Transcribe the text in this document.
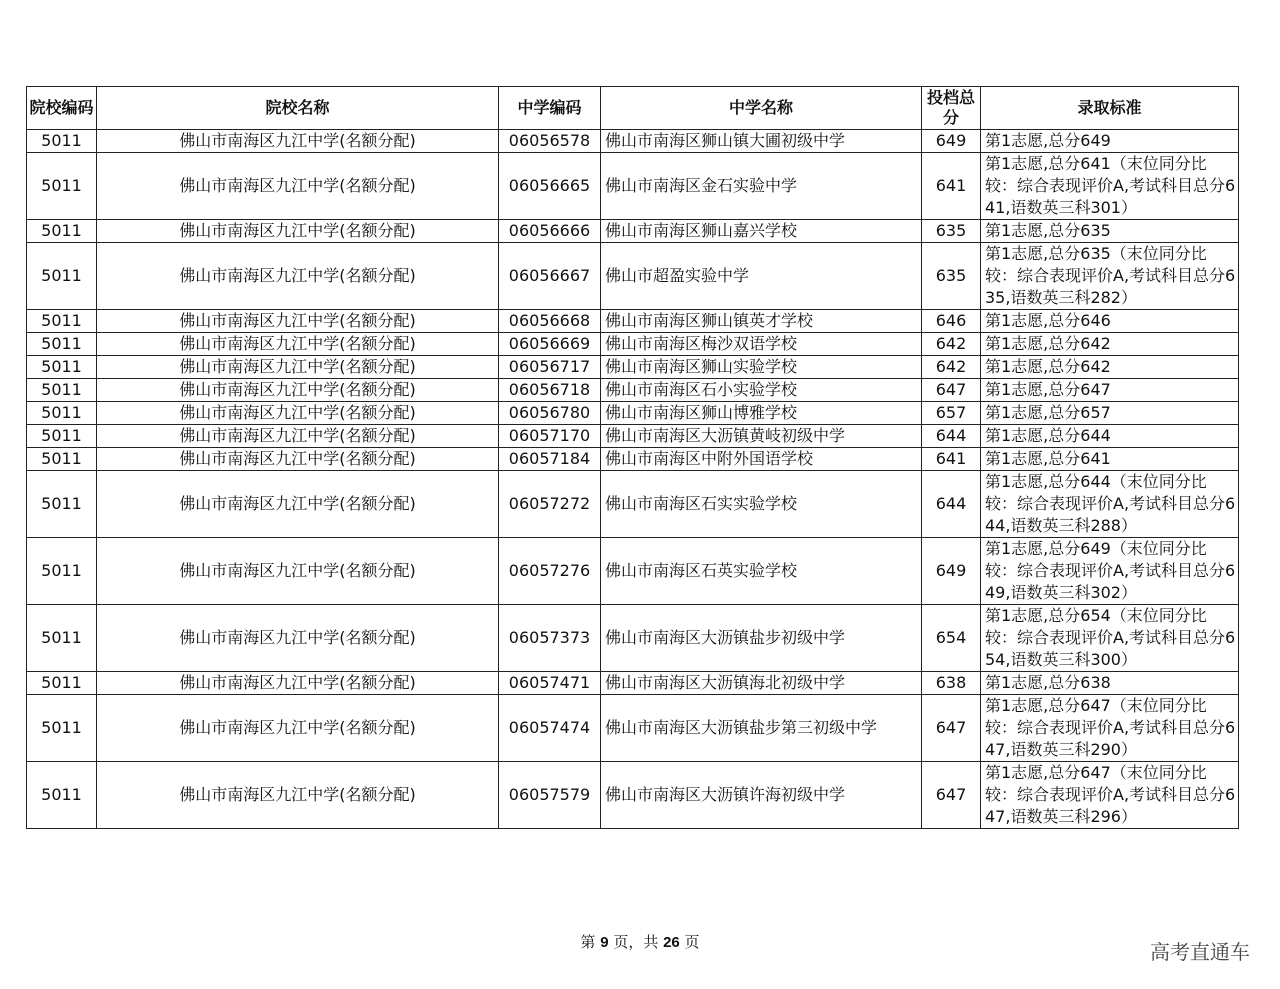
院校编码	院校名称	中学编码	中学名称	投档总分	录取标准
5011	佛山市南海区九江中学(名额分配)	06056578	佛山市南海区狮山镇大圃初级中学	649	第1志愿,总分649
5011	佛山市南海区九江中学(名额分配)	06056665	佛山市南海区金石实验中学	641	第1志愿,总分641（末位同分比较：综合表现评价A,考试科目总分641,语数英三科301）
5011	佛山市南海区九江中学(名额分配)	06056666	佛山市南海区狮山嘉兴学校	635	第1志愿,总分635
5011	佛山市南海区九江中学(名额分配)	06056667	佛山市超盈实验中学	635	第1志愿,总分635（末位同分比较：综合表现评价A,考试科目总分635,语数英三科282）
5011	佛山市南海区九江中学(名额分配)	06056668	佛山市南海区狮山镇英才学校	646	第1志愿,总分646
5011	佛山市南海区九江中学(名额分配)	06056669	佛山市南海区梅沙双语学校	642	第1志愿,总分642
5011	佛山市南海区九江中学(名额分配)	06056717	佛山市南海区狮山实验学校	642	第1志愿,总分642
5011	佛山市南海区九江中学(名额分配)	06056718	佛山市南海区石小实验学校	647	第1志愿,总分647
5011	佛山市南海区九江中学(名额分配)	06056780	佛山市南海区狮山博雅学校	657	第1志愿,总分657
5011	佛山市南海区九江中学(名额分配)	06057170	佛山市南海区大沥镇黄岐初级中学	644	第1志愿,总分644
5011	佛山市南海区九江中学(名额分配)	06057184	佛山市南海区中附外国语学校	641	第1志愿,总分641
5011	佛山市南海区九江中学(名额分配)	06057272	佛山市南海区石实实验学校	644	第1志愿,总分644（末位同分比较：综合表现评价A,考试科目总分644,语数英三科288）
5011	佛山市南海区九江中学(名额分配)	06057276	佛山市南海区石英实验学校	649	第1志愿,总分649（末位同分比较：综合表现评价A,考试科目总分649,语数英三科302）
5011	佛山市南海区九江中学(名额分配)	06057373	佛山市南海区大沥镇盐步初级中学	654	第1志愿,总分654（末位同分比较：综合表现评价A,考试科目总分654,语数英三科300）
5011	佛山市南海区九江中学(名额分配)	06057471	佛山市南海区大沥镇海北初级中学	638	第1志愿,总分638
5011	佛山市南海区九江中学(名额分配)	06057474	佛山市南海区大沥镇盐步第三初级中学	647	第1志愿,总分647（末位同分比较：综合表现评价A,考试科目总分647,语数英三科290）
5011	佛山市南海区九江中学(名额分配)	06057579	佛山市南海区大沥镇许海初级中学	647	第1志愿,总分647（末位同分比较：综合表现评价A,考试科目总分647,语数英三科296）
第 9 页，共 26 页	高考直通车
